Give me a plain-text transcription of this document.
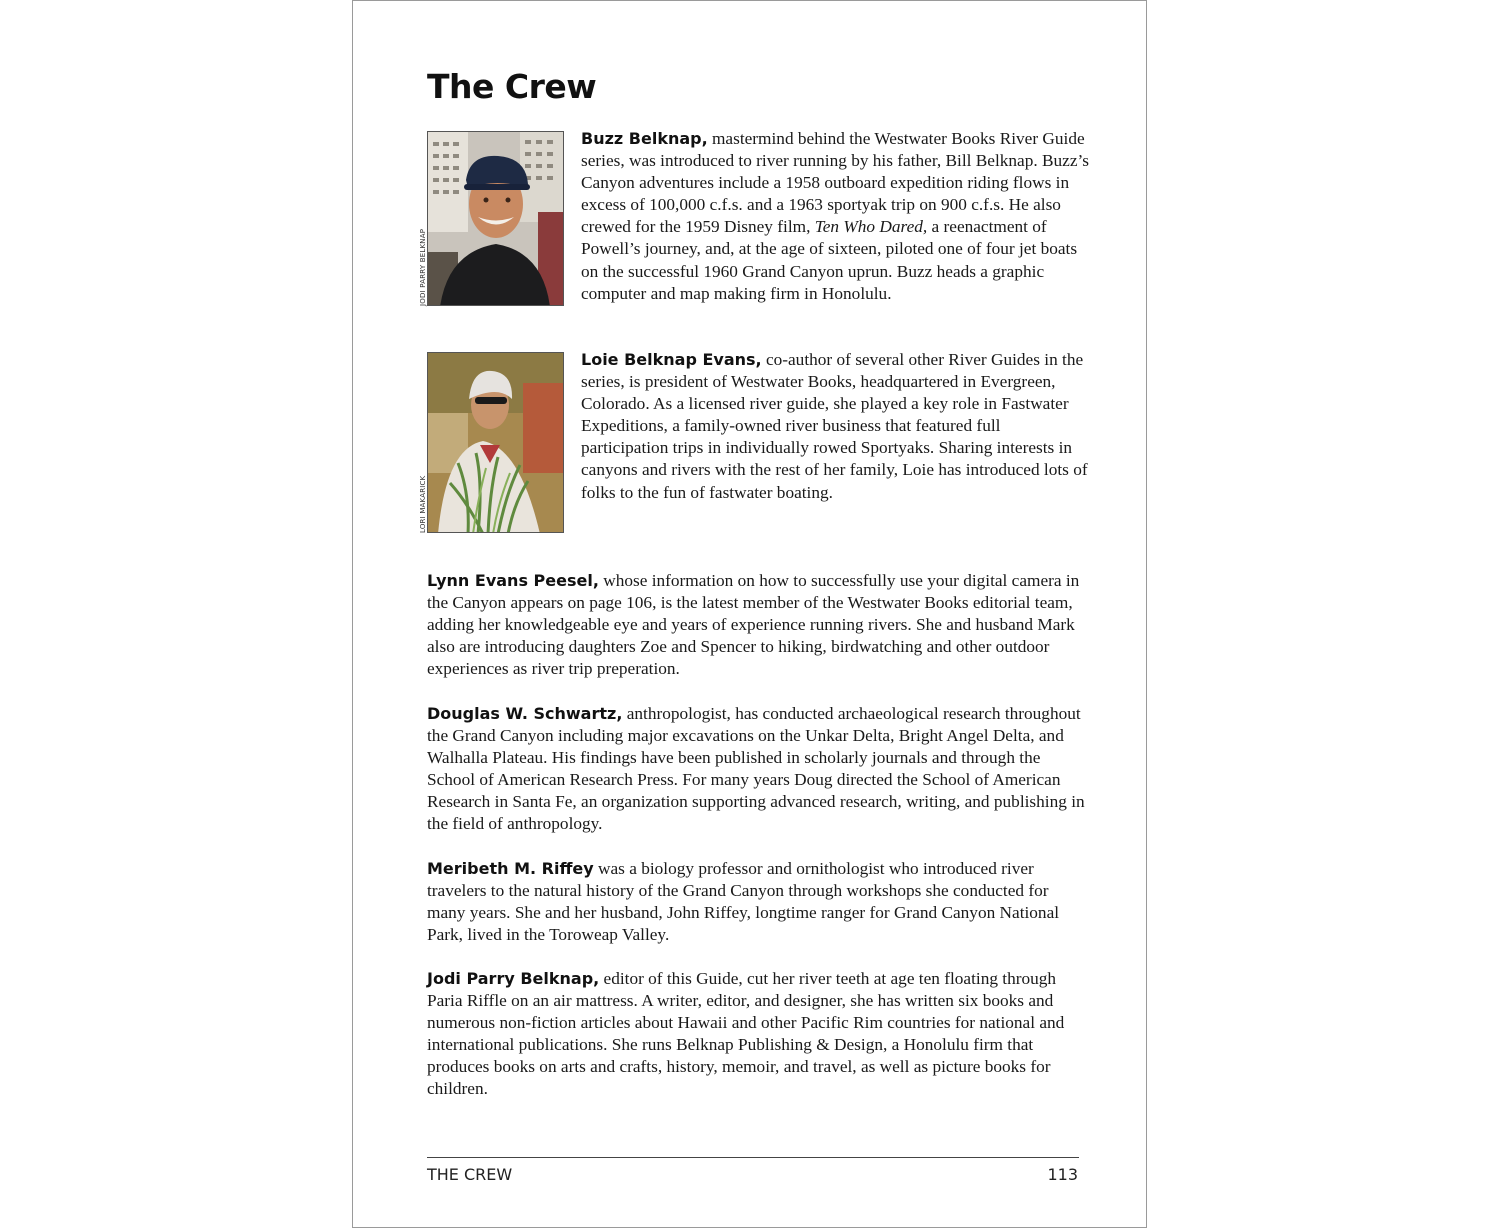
The Crew
JODI PARRY BELKNAP

Buzz Belknap, mastermind behind the Westwater Books River Guide series, was introduced to river running by his father, Bill Belknap. Buzz’s Canyon adventures include a 1958 outboard expedition riding flows in excess of 100,000 c.f.s. and a 1963 sportyak trip on 900 c.f.s. He also crewed for the 1959 Disney film, Ten Who Dared, a reenactment of Powell’s journey, and, at the age of sixteen, piloted one of four jet boats on the successful 1960 Grand Canyon uprun. Buzz heads a graphic computer and map making firm in Honolulu.

LORI MAKARICK

Loie Belknap Evans, co-author of several other River Guides in the series, is president of Westwater Books, headquartered in Evergreen, Colorado. As a licensed river guide, she played a key role in Fastwater Expeditions, a family-owned river business that featured full participation trips in individually rowed Sportyaks. Sharing interests in canyons and rivers with the rest of her family, Loie has introduced lots of folks to the fun of fastwater boating.

Lynn Evans Peesel, whose information on how to successfully use your digital camera in the Canyon appears on page 106, is the latest member of the Westwater Books editorial team, adding her knowledgeable eye and years of experience running rivers. She and husband Mark also are introducing daughters Zoe and Spencer to hiking, birdwatching and other outdoor experiences as river trip preperation.

Douglas W. Schwartz, anthropologist, has conducted archaeological research throughout the Grand Canyon including major excavations on the Unkar Delta, Bright Angel Delta, and Walhalla Plateau. His findings have been published in scholarly journals and through the School of American Research Press. For many years Doug directed the School of American Research in Santa Fe, an organization supporting advanced research, writing, and publishing in the field of anthropology.

Meribeth M. Riffey was a biology professor and ornithologist who introduced river travelers to the natural history of the Grand Canyon through workshops she conducted for many years. She and her husband, John Riffey, longtime ranger for Grand Canyon National Park, lived in the Toroweap Valley.

Jodi Parry Belknap, editor of this Guide, cut her river teeth at age ten floating through Paria Riffle on an air mattress. A writer, editor, and designer, she has written six books and numerous non-fiction articles about Hawaii and other Pacific Rim countries for national and international publications. She runs Belknap Publishing & Design, a Honolulu firm that produces books on arts and crafts, history, memoir, and travel, as well as picture books for children.

THE CREW	113
